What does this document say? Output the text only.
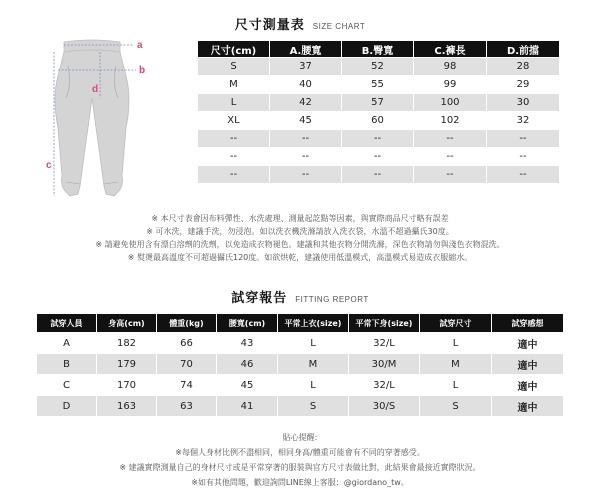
尺寸測量表 SIZE CHART
a
b
c
d
尺寸(cm)	A.腰寬	B.臀寬	C.褲長	D.前擋
S	37	52	98	28
M	40	55	99	29
L	42	57	100	30
XL	45	60	102	32
--	--	--	--	--
--	--	--	--	--
--	--	--	--	--
※ 本尺寸表會因布料彈性、水洗處理、測量起訖點等因素，與實際商品尺寸略有誤差
※ 可水洗，建議手洗，勿浸泡。如以洗衣機洗滌請放入洗衣袋，水溫不超過攝氏30度。
※ 請避免使用含有漂白溶劑的洗劑，以免造成衣物褪色。建議和其他衣物分開洗滌，深色衣物請勿與淺色衣物混洗。
※ 熨燙最高溫度不可超過攝氏120度。如欲烘乾，建議使用低溫模式，高溫模式易造成衣服縮水。
試穿報告 FITTING REPORT
試穿人員	身高(cm)	體重(kg)	腰寬(cm)	平常上衣(size)	平常下身(size)	試穿尺寸	試穿感想
A	182	66	43	L	32/L	L	適中
B	179	70	46	M	30/M	M	適中
C	170	74	45	L	32/L	L	適中
D	163	63	41	S	30/S	S	適中
貼心提醒:
※每個人身材比例不盡相同，相同身高/體重可能會有不同的穿著感受。
※ 建議實際測量自己的身材尺寸或是平常穿著的服裝與官方尺寸表做比對，此結果會最接近實際狀況。
※如有其他問題，歡迎詢問LINE線上客服：@giordano_tw。
